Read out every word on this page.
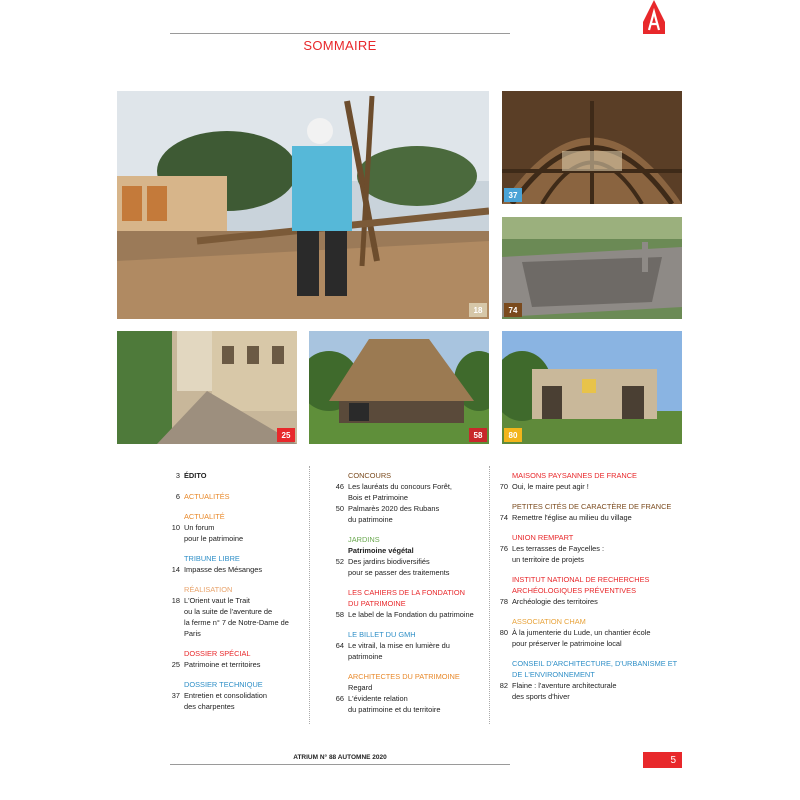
SOMMAIRE
18
37
74
25	58	80
3 ÉDITO
6 ACTUALITÉS
ACTUALITÉ
10 Un forum
pour le patrimoine
TRIBUNE LIBRE
14 Impasse des Mésanges
RÉALISATION
18 L'Orient vaut le Trait
ou la suite de l'aventure de
la ferme n° 7 de Notre-Dame de Paris
DOSSIER SPÉCIAL
25 Patrimoine et territoires
DOSSIER TECHNIQUE
37 Entretien et consolidation
des charpentes
CONCOURS
46 Les lauréats du concours Forêt,
Bois et Patrimoine
50 Palmarès 2020 des Rubans
du patrimoine
JARDINS
Patrimoine végétal
52 Des jardins biodiversifiés
pour se passer des traitements
LES CAHIERS DE LA FONDATION DU PATRIMOINE
58 Le label de la Fondation du patrimoine
LE BILLET DU GMH
64 Le vitrail, la mise en lumière du patrimoine
ARCHITECTES DU PATRIMOINE
Regard
66 L'évidente relation
du patrimoine et du territoire
MAISONS PAYSANNES DE FRANCE
70 Oui, le maire peut agir !
PETITES CITÉS DE CARACTÈRE DE FRANCE
74 Remettre l'église au milieu du village
UNION REMPART
76 Les terrasses de Faycelles :
un territoire de projets
INSTITUT NATIONAL DE RECHERCHES ARCHÉOLOGIQUES PRÉVENTIVES
78 Archéologie des territoires
ASSOCIATION CHAM
80 À la jumenterie du Lude, un chantier école
pour préserver le patrimoine local
CONSEIL D'ARCHITECTURE, D'URBANISME ET DE L'ENVIRONNEMENT
82 Flaine : l'aventure architecturale
des sports d'hiver
ATRIUM N° 88 AUTOMNE 2020	5
